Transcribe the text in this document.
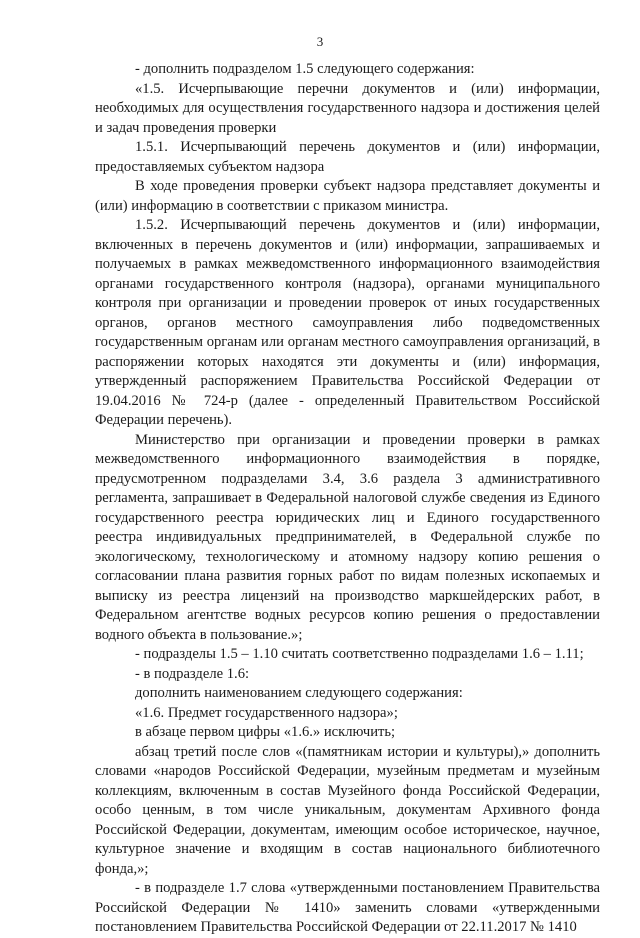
3

- дополнить подразделом 1.5 следующего содержания:

«1.5. Исчерпывающие перечни документов и (или) информации, необходимых для осуществления государственного надзора и достижения целей и задач проведения проверки

1.5.1. Исчерпывающий перечень документов и (или) информации, предоставляемых субъектом надзора

В ходе проведения проверки субъект надзора представляет документы и (или) информацию в соответствии с приказом министра.

1.5.2. Исчерпывающий перечень документов и (или) информации, включенных в перечень документов и (или) информации, запрашиваемых и получаемых в рамках межведомственного информационного взаимодействия органами государственного контроля (надзора), органами муниципального контроля при организации и проведении проверок от иных государственных органов, органов местного самоуправления либо подведомственных государственным органам или органам местного самоуправления организаций, в распоряжении которых находятся эти документы и (или) информация, утвержденный распоряжением Правительства Российской Федерации от 19.04.2016 № 724-р (далее - определенный Правительством Российской Федерации перечень).

Министерство при организации и проведении проверки в рамках межведомственного информационного взаимодействия в порядке, предусмотренном подразделами 3.4, 3.6 раздела 3 административного регламента, запрашивает в Федеральной налоговой службе сведения из Единого государственного реестра юридических лиц и Единого государственного реестра индивидуальных предпринимателей, в Федеральной службе по экологическому, технологическому и атомному надзору копию решения о согласовании плана развития горных работ по видам полезных ископаемых и выписку из реестра лицензий на производство маркшейдерских работ, в Федеральном агентстве водных ресурсов копию решения о предоставлении водного объекта в пользование.»;

- подразделы 1.5 – 1.10 считать соответственно подразделами 1.6 – 1.11;

- в подразделе 1.6:

дополнить наименованием следующего содержания:

«1.6. Предмет государственного надзора»;

в абзаце первом цифры «1.6.» исключить;

абзац третий после слов «(памятникам истории и культуры),» дополнить словами «народов Российской Федерации, музейным предметам и музейным коллекциям, включенным в состав Музейного фонда Российской Федерации, особо ценным, в том числе уникальным, документам Архивного фонда Российской Федерации, документам, имеющим особое историческое, научное, культурное значение и входящим в состав национального библиотечного фонда,»;

- в подразделе 1.7 слова «утвержденными постановлением Правительства Российской Федерации № 1410» заменить словами «утвержденными постановлением Правительства Российской Федерации от 22.11.2017 № 1410
